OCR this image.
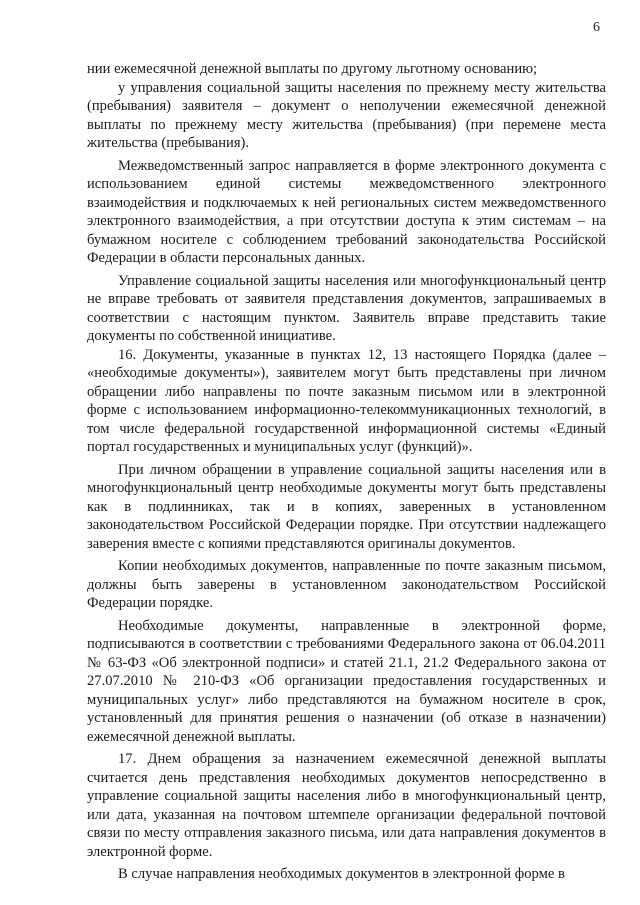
6

нии ежемесячной денежной выплаты по другому льготному основанию;

у управления социальной защиты населения по прежнему месту жительства (пребывания) заявителя – документ о неполучении ежемесячной денежной выплаты по прежнему месту жительства (пребывания) (при перемене места жительства (пребывания).

Межведомственный запрос направляется в форме электронного документа с использованием единой системы межведомственного электронного взаимодействия и подключаемых к ней региональных систем межведомственного электронного взаимодействия, а при отсутствии доступа к этим системам – на бумажном носителе с соблюдением требований законодательства Российской Федерации в области персональных данных.

Управление социальной защиты населения или многофункциональный центр не вправе требовать от заявителя представления документов, запрашиваемых в соответствии с настоящим пунктом. Заявитель вправе представить такие документы по собственной инициативе.

16. Документы, указанные в пунктах 12, 13 настоящего Порядка (далее – «необходимые документы»), заявителем могут быть представлены при личном обращении либо направлены по почте заказным письмом или в электронной форме с использованием информационно-телекоммуникационных технологий, в том числе федеральной государственной информационной системы «Единый портал государственных и муниципальных услуг (функций)».

При личном обращении в управление социальной защиты населения или в многофункциональный центр необходимые документы могут быть представлены как в подлинниках, так и в копиях, заверенных в установленном законодательством Российской Федерации порядке. При отсутствии надлежащего заверения вместе с копиями представляются оригиналы документов.

Копии необходимых документов, направленные по почте заказным письмом, должны быть заверены в установленном законодательством Российской Федерации порядке.

Необходимые документы, направленные в электронной форме, подписываются в соответствии с требованиями Федерального закона от 06.04.2011 № 63-ФЗ «Об электронной подписи» и статей 21.1, 21.2 Федерального закона от 27.07.2010 № 210-ФЗ «Об организации предоставления государственных и муниципальных услуг» либо представляются на бумажном носителе в срок, установленный для принятия решения о назначении (об отказе в назначении) ежемесячной денежной выплаты.

17. Днем обращения за назначением ежемесячной денежной выплаты считается день представления необходимых документов непосредственно в управление социальной защиты населения либо в многофункциональный центр, или дата, указанная на почтовом штемпеле организации федеральной почтовой связи по месту отправления заказного письма, или дата направления документов в электронной форме.

В случае направления необходимых документов в электронной форме в
